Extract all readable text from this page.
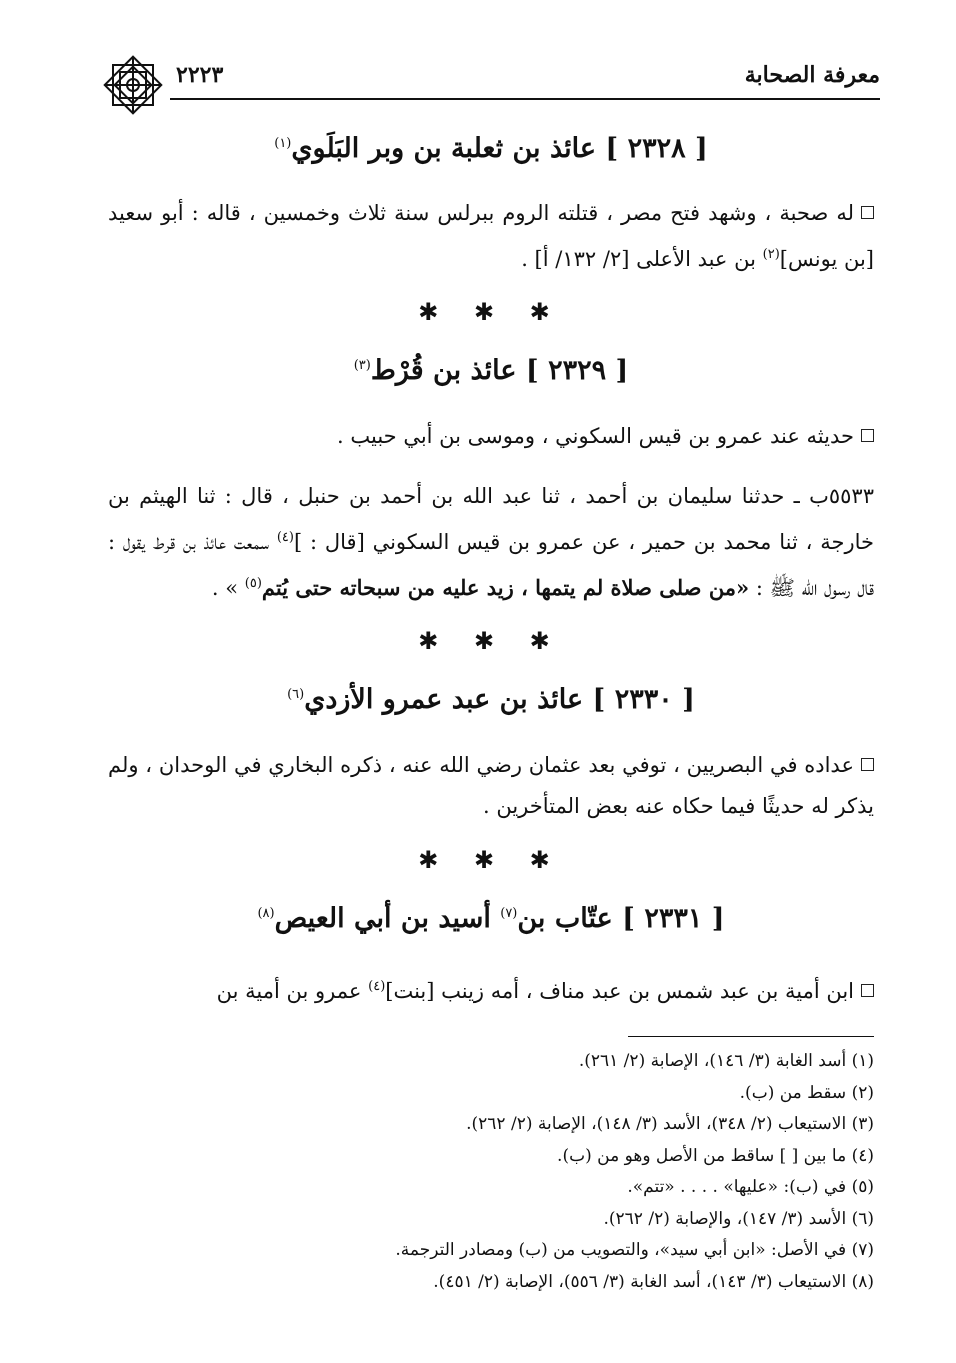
معرفة الصحابة
٢٢٢٣
[ ٢٣٢٨ ] عائذ بن ثعلبة بن وبر البَلَوي$^{(١)}$

له صحبة ، وشهد فتح مصر ، قتلته الروم ببرلس سنة ثلاث وخمسين ، قاله : أبو سعيد [بن يونس]$^{(٢)}$ بن عبد الأعلى [٢/ ١٣٢/ أ] .

✱ ✱ ✱
[ ٢٣٢٩ ] عائذ بن قُرْط$^{(٣)}$

حديثه عند عمرو بن قيس السكوني ، وموسى بن أبي حبيب .

٥٥٣٣ب ـ حدثنا سليمان بن أحمد ، ثنا عبد الله بن أحمد بن حنبل ، قال : ثنا الهيثم بن خارجة ، ثنا محمد بن حمير ، عن عمرو بن قيس السكوني [قال : ]$^{(٤)}$ سمعت عائذ بن قرط يقول : قال رسول الله ﷺ : «من صلى صلاة لم يتمها ، زيد عليه من سبحاته حتى يُتم$^{(٥)}$ » .

✱ ✱ ✱
[ ٢٣٣٠ ] عائذ بن عبد عمرو الأزدي$^{(٦)}$

عداده في البصريين ، توفي بعد عثمان رضي الله عنه ، ذكره البخاري في الوحدان ، ولم يذكر له حديثًا فيما حكاه عنه بعض المتأخرين .

✱ ✱ ✱
[ ٢٣٣١ ] عتّاب بن$^{(٧)}$ أسيد بن أبي العيص$^{(٨)}$

ابن أمية بن عبد شمس بن عبد مناف ، أمه زينب [بنت]$^{(٤)}$ عمرو بن أمية بن

(١) أسد الغابة (٣/ ١٤٦)، الإصابة (٢/ ٢٦١).
(٢) سقط من (ب).
(٣) الاستيعاب (٢/ ٣٤٨)، الأسد (٣/ ١٤٨)، الإصابة (٢/ ٢٦٢).
(٤) ما بين [ ] ساقط من الأصل وهو من (ب).
(٥) في (ب): «عليها» . . . . «تتم».
(٦) الأسد (٣/ ١٤٧)، والإصابة (٢/ ٢٦٢).
(٧) في الأصل: «ابن أبي سيد»، والتصويب من (ب) ومصادر الترجمة.
(٨) الاستيعاب (٣/ ١٤٣)، أسد الغابة (٣/ ٥٥٦)، الإصابة (٢/ ٤٥١).
